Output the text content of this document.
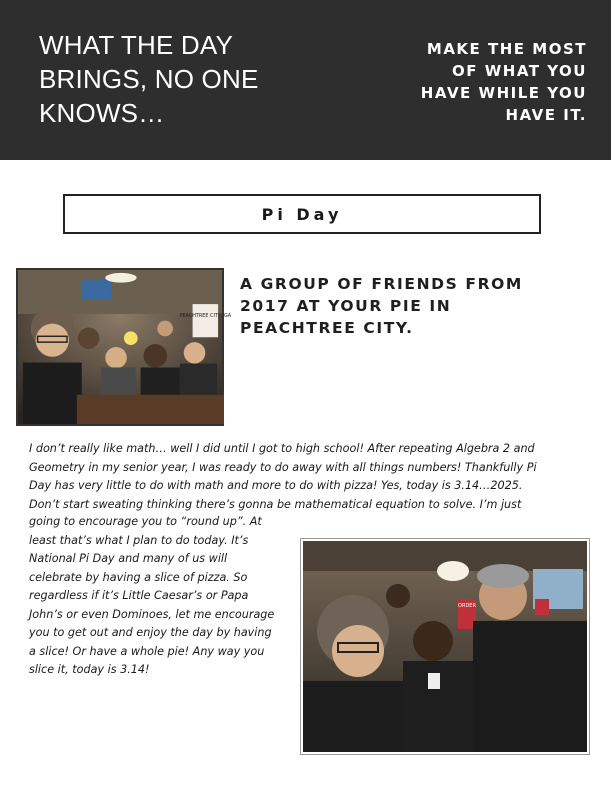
WHAT THE DAY
BRINGS, NO ONE
KNOWS…
MAKE THE MOST
OF WHAT YOU
HAVE WHILE YOU
HAVE IT.
Pi Day
PEACHTREE CITY, GA
A GROUP OF FRIENDS FROM
2017 AT YOUR PIE IN
PEACHTREE CITY.
I don’t really like math… well I did until I got to high school! After repeating Algebra 2 and
Geometry in my senior year, I was ready to do away with all things numbers! Thankfully Pi
Day has very little to do with math and more to do with pizza! Yes, today is 3.14…2025.
Don’t start sweating thinking there’s gonna be mathematical equation to solve. I’m just
going to encourage you to “round up”. At
least that’s what I plan to do today. It’s
National Pi Day and many of us will
celebrate by having a slice of pizza. So
regardless if it’s Little Caesar’s or Papa
John’s or even Dominoes, let me encourage
you to get out and enjoy the day by having
a slice! Or have a whole pie! Any way you
slice it, today is 3.14!
ORDER
